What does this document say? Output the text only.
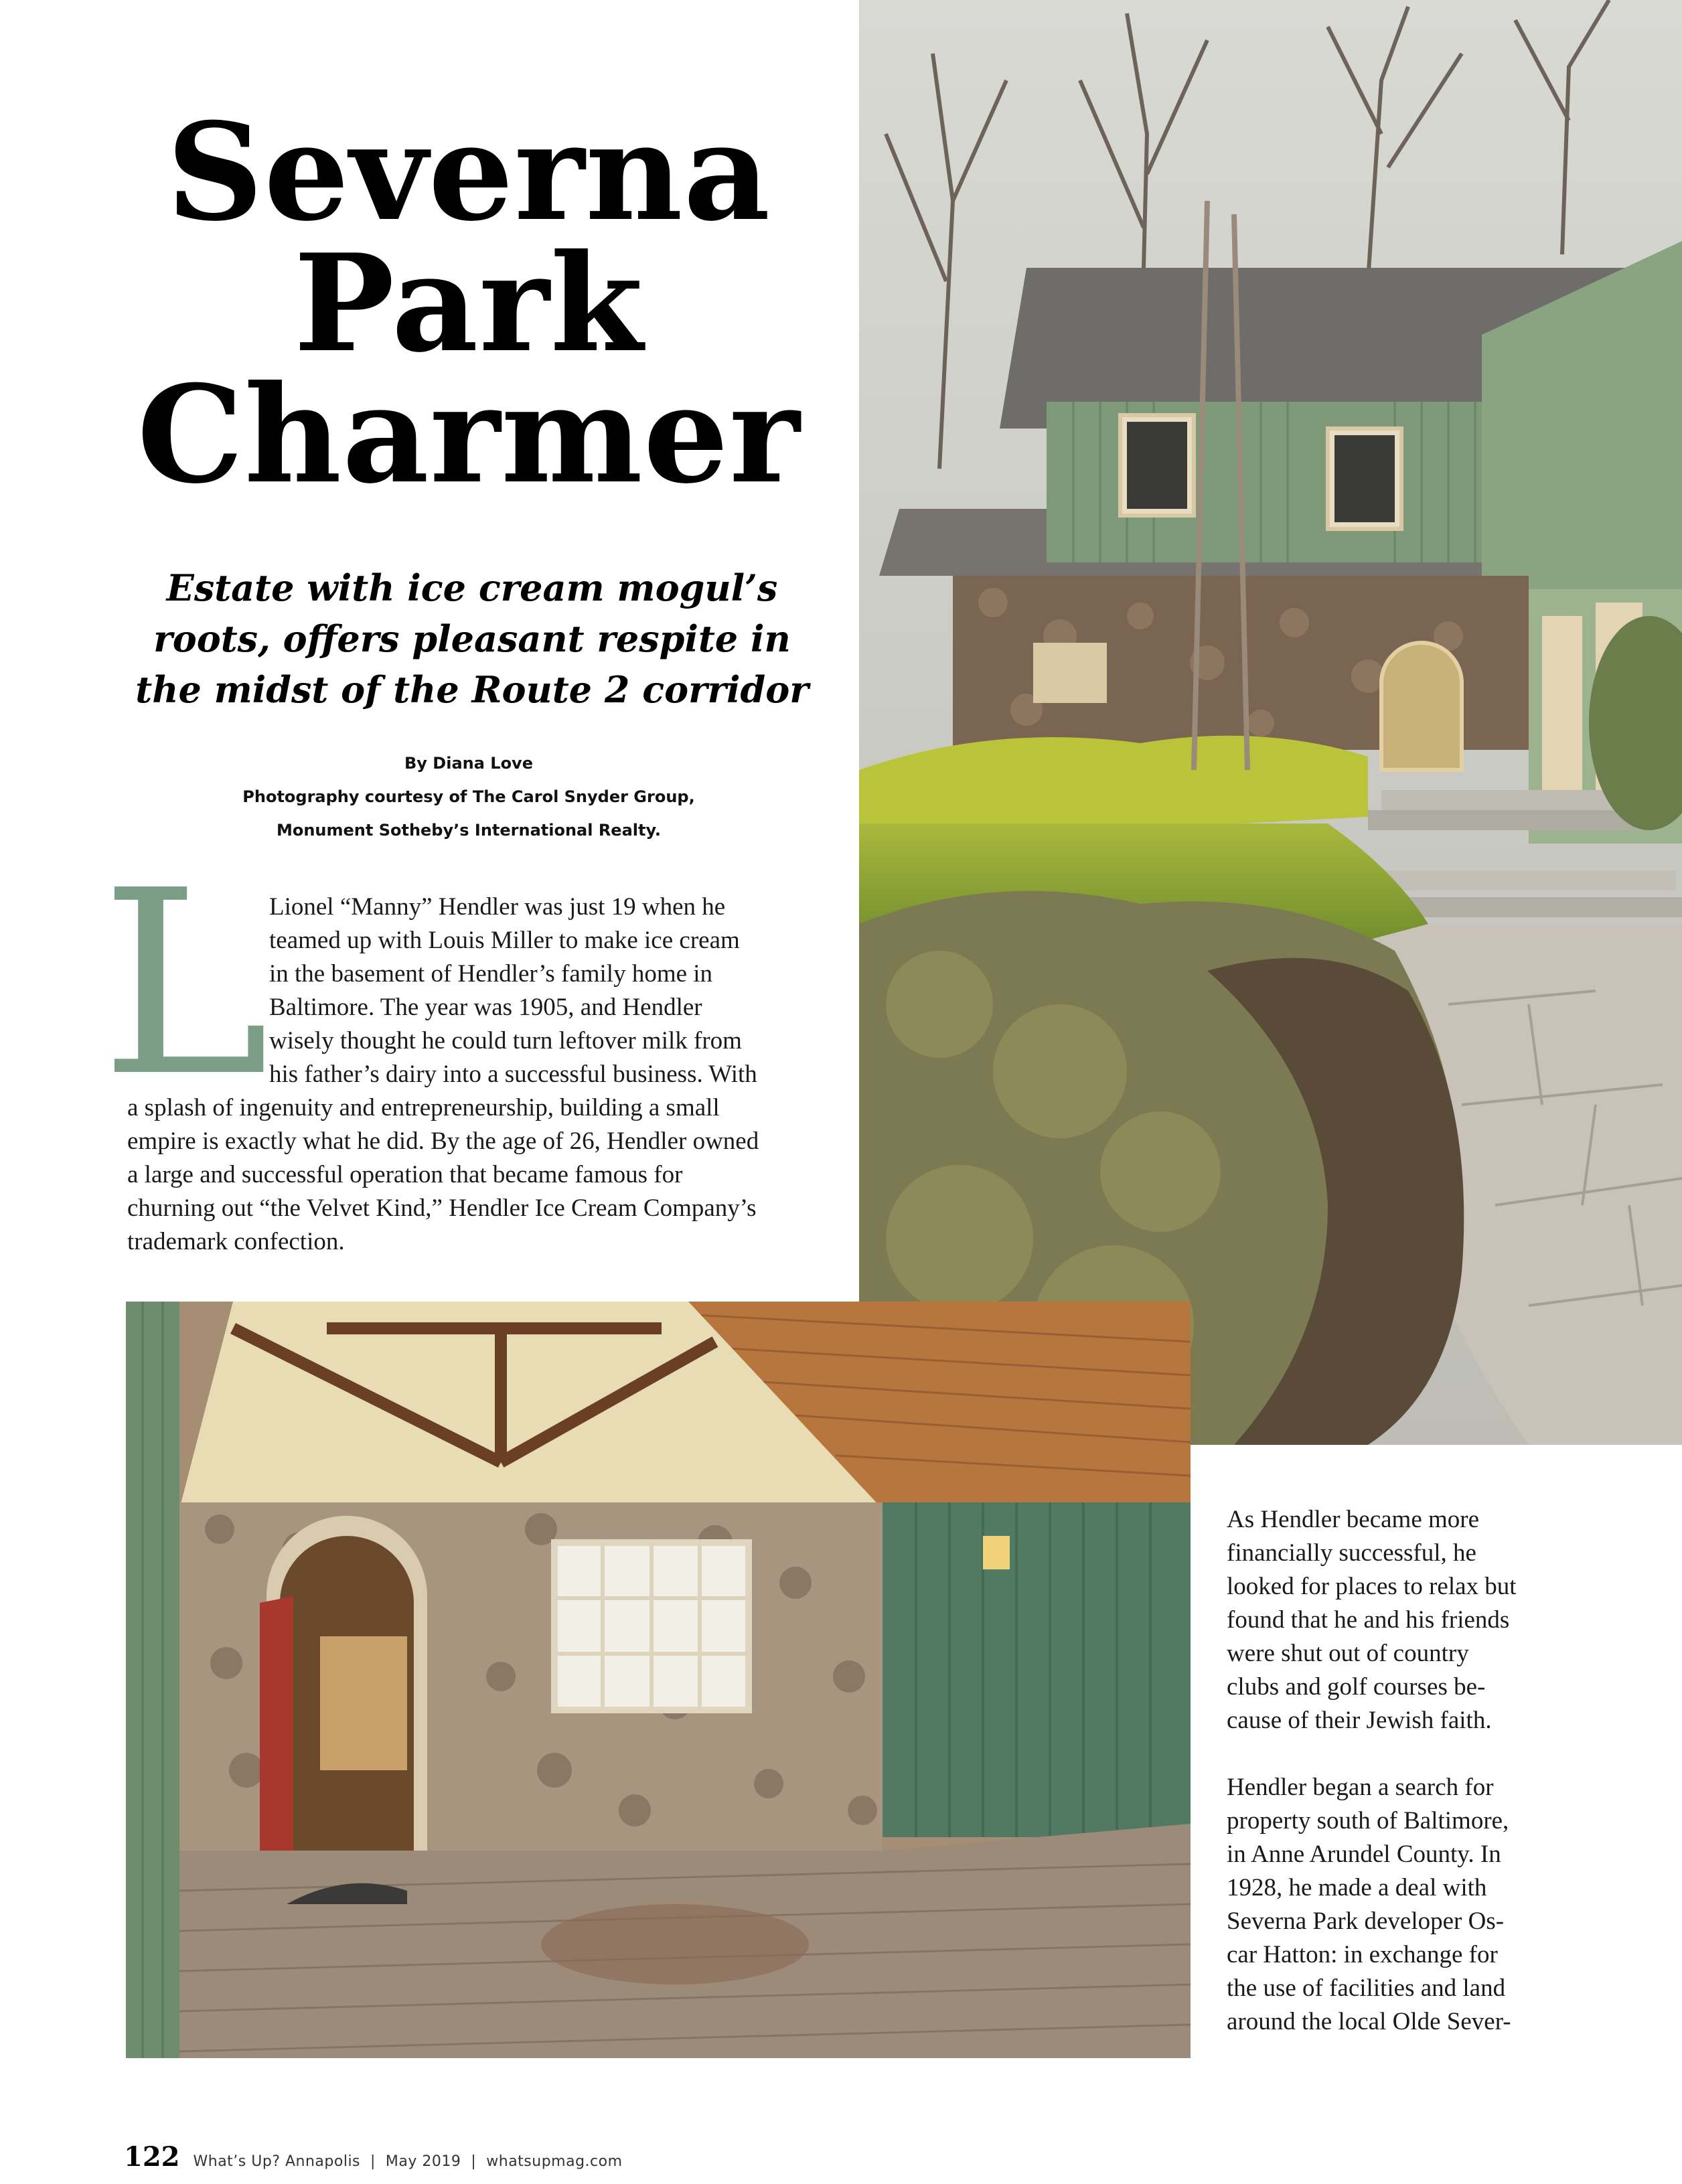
Severna
Park
Charmer

Estate with ice cream mogul’s
roots, offers pleasant respite in
the midst of the Route 2 corridor

By Diana Love
Photography courtesy of The Carol Snyder Group,
Monument Sotheby’s International Realty.
L Lionel “Manny” Hendler was just 19 when he
teamed up with Louis Miller to make ice cream
in the basement of Hendler’s family home in
Baltimore. The year was 1905, and Hendler
wisely thought he could turn leftover milk from
his father’s dairy into a successful business. With
a splash of ingenuity and entrepreneurship, building a small
empire is exactly what he did. By the age of 26, Hendler owned
a large and successful operation that became famous for
churning out “the Velvet Kind,” Hendler Ice Cream Company’s
trademark confection.
As Hendler became more
financially successful, he
looked for places to relax but
found that he and his friends
were shut out of country
clubs and golf courses be-
cause of their Jewish faith.
Hendler began a search for
property south of Baltimore,
in Anne Arundel County. In
1928, he made a deal with
Severna Park developer Os-
car Hatton: in exchange for
the use of facilities and land
around the local Olde Sever-
122 What’s Up? Annapolis  |  May 2019  |  whatsupmag.com
